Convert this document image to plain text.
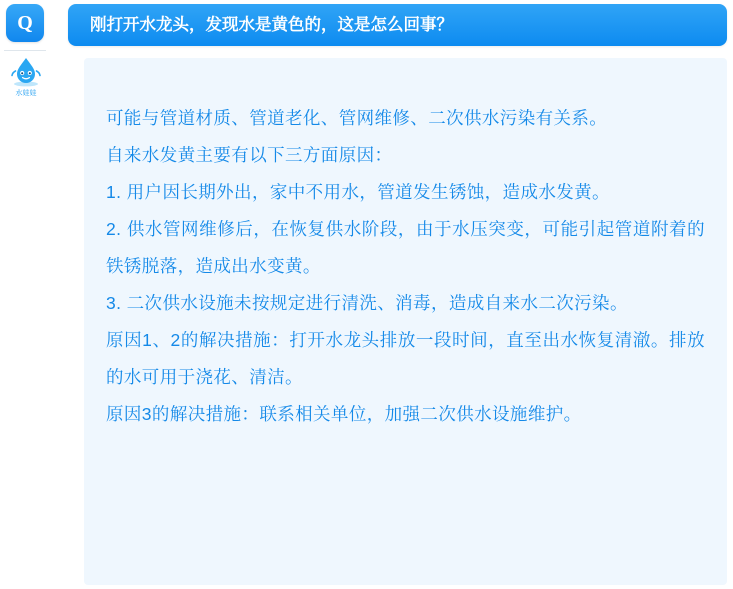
Q
水娃娃
刚打开水龙头，发现水是黄色的，这是怎么回事？

可能与管道材质、管道老化、管网维修、二次供水污染有关系。

自来水发黄主要有以下三方面原因：

1. 用户因长期外出，家中不用水，管道发生锈蚀，造成水发黄。

2. 供水管网维修后，在恢复供水阶段，由于水压突变，可能引起管道附着的铁锈脱落，造成出水变黄。

3. 二次供水设施未按规定进行清洗、消毒，造成自来水二次污染。

原因1、2的解决措施：打开水龙头排放一段时间，直至出水恢复清澈。排放的水可用于浇花、清洁。

原因3的解决措施：联系相关单位，加强二次供水设施维护。
